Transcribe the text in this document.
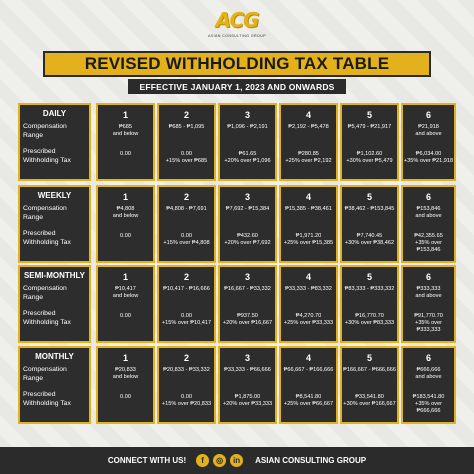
ACG
ASIAN CONSULTING GROUP
REVISED WITHHOLDING TAX TABLE
EFFECTIVE JANUARY 1, 2023 AND ONWARDS
DAILY
Compensation
Range
Prescribed
Withholding Tax
1
₱685
and below
0.00
2
₱685 - ₱1,095
0.00
+15% over ₱685
3
₱1,096 - ₱2,191
₱61.65
+20% over ₱1,096
4
₱2,192 - ₱5,478
₱280.85
+25% over ₱2,192
5
₱5,479 - ₱21,917
₱1,102.60
+30% over ₱5,479
6
₱21,918
and above
₱6,034.00
+35% over ₱21,918
WEEKLY
Compensation
Range
Prescribed
Withholding Tax
1
₱4,808
and below
0.00
2
₱4,808 - ₱7,691
0.00
+15% over ₱4,808
3
₱7,692 - ₱15,384
₱432.60
+20% over ₱7,692
4
₱15,385 - ₱38,461
₱1,971.20
+25% over ₱15,385
5
₱38,462 - ₱153,845
₱7,740.45
+30% over ₱38,462
6
₱153,846
and above
₱42,355.65
+35% over ₱153,846
SEMI-MONTHLY
Compensation
Range
Prescribed
Withholding Tax
1
₱10,417
and below
0.00
2
₱10,417 - ₱16,666
0.00
+15% over ₱10,417
3
₱16,667 - ₱33,332
₱937.50
+20% over ₱16,667
4
₱33,333 - ₱83,332
₱4,270.70
+25% over ₱33,333
5
₱83,333 - ₱333,332
₱16,770.70
+30% over ₱83,333
6
₱333,333
and above
₱91,770.70
+35% over ₱333,333
MONTHLY
Compensation
Range
Prescribed
Withholding Tax
1
₱20,833
and below
0.00
2
₱20,833 - ₱33,332
0.00
+15% over ₱20,833
3
₱33,333 - ₱66,666
₱1,875.00
+20% over ₱33,333
4
₱66,667 - ₱166,666
₱8,541.80
+25% over ₱66,667
5
₱166,667 - ₱666,666
₱33,541.80
+30% over ₱166,667
6
₱666,666
and above
₱183,541.80
+35% over ₱666,666
CONNECT WITH US!	f	◎	in	ASIAN CONSULTING GROUP
